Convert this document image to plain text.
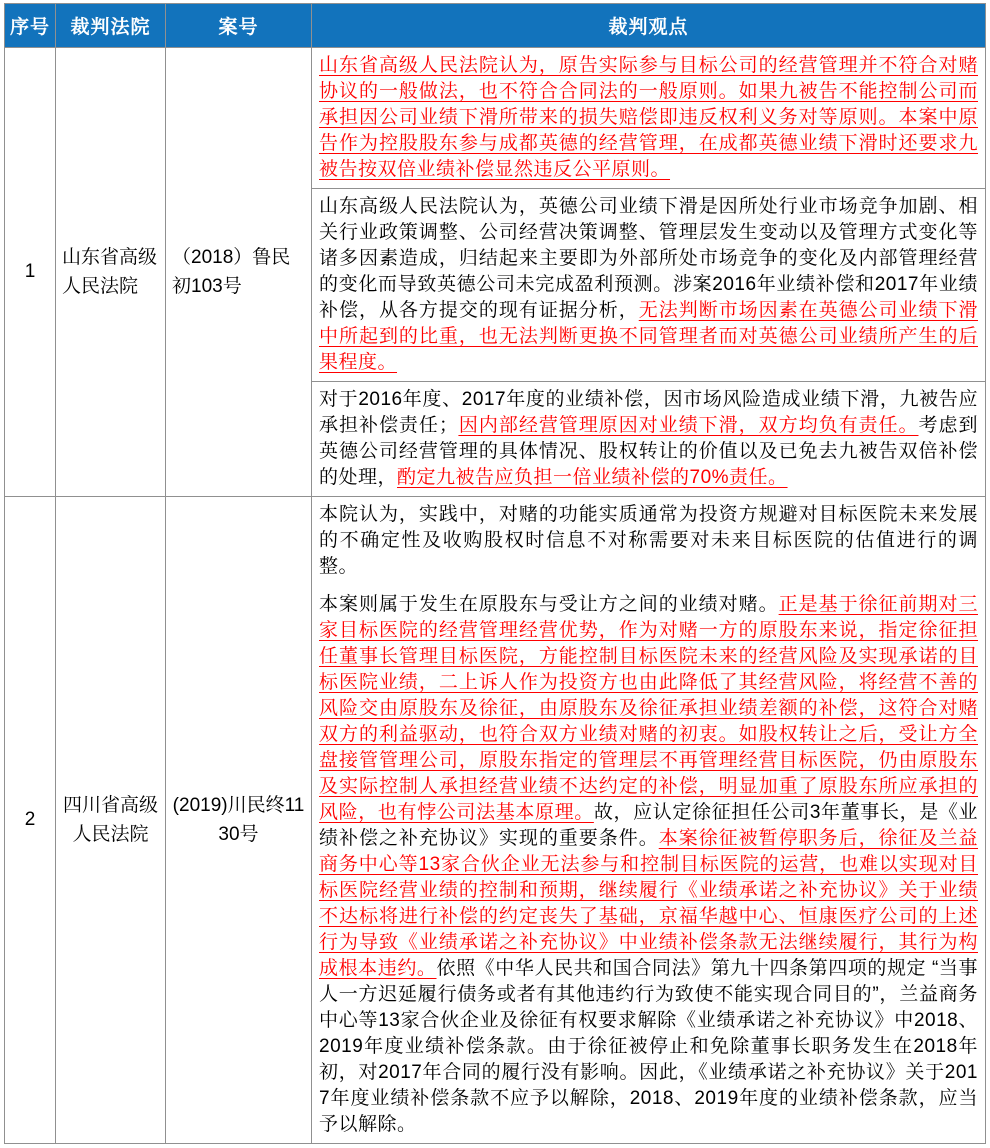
序号	裁判法院	案号	裁判观点
1	山东省高级人民法院	（2018）鲁民初103号	山东省高级人民法院认为，原告实际参与目标公司的经营管理并不符合对赌协议的一般做法，也不符合合同法的一般原则。如果九被告不能控制公司而承担因公司业绩下滑所带来的损失赔偿即违反权利义务对等原则。本案中原告作为控股股东参与成都英德的经营管理，在成都英德业绩下滑时还要求九被告按双倍业绩补偿显然违反公平原则。

			山东高级人民法院认为，英德公司业绩下滑是因所处行业市场竞争加剧、相关行业政策调整、公司经营决策调整、管理层发生变动以及管理方式变化等诸多因素造成，归结起来主要即为外部所处市场竞争的变化及内部管理经营的变化而导致英德公司未完成盈利预测。涉案2016年业绩补偿和2017年业绩补偿，从各方提交的现有证据分析，无法判断市场因素在英德公司业绩下滑中所起到的比重，也无法判断更换不同管理者而对英德公司业绩所产生的后果程度。

			对于2016年度、2017年度的业绩补偿，因市场风险造成业绩下滑，九被告应承担补偿责任；因内部经营管理原因对业绩下滑，双方均负有责任。考虑到英德公司经营管理的具体情况、股权转让的价值以及已免去九被告双倍补偿的处理，酌定九被告应负担一倍业绩补偿的70%责任。

2	四川省高级人民法院	(2019)川民终1130号	本院认为，实践中，对赌的功能实质通常为投资方规避对目标医院未来发展的不确定性及收购股权时信息不对称需要对未来目标医院的估值进行的调整。

本案则属于发生在原股东与受让方之间的业绩对赌。正是基于徐征前期对三家目标医院的经营管理经营优势，作为对赌一方的原股东来说，指定徐征担任董事长管理目标医院，方能控制目标医院未来的经营风险及实现承诺的目标医院业绩，二上诉人作为投资方也由此降低了其经营风险，将经营不善的风险交由原股东及徐征，由原股东及徐征承担业绩差额的补偿，这符合对赌双方的利益驱动，也符合双方业绩对赌的初衷。如股权转让之后，受让方全盘接管管理公司，原股东指定的管理层不再管理经营目标医院，仍由原股东及实际控制人承担经营业绩不达约定的补偿，明显加重了原股东所应承担的风险，也有悖公司法基本原理。故，应认定徐征担任公司3年董事长，是《业绩补偿之补充协议》实现的重要条件。本案徐征被暂停职务后，徐征及兰益商务中心等13家合伙企业无法参与和控制目标医院的运营，也难以实现对目标医院经营业绩的控制和预期，继续履行《业绩承诺之补充协议》关于业绩不达标将进行补偿的约定丧失了基础，京福华越中心、恒康医疗公司的上述行为导致《业绩承诺之补充协议》中业绩补偿条款无法继续履行，其行为构成根本违约。依照《中华人民共和国合同法》第九十四条第四项的规定 “当事人一方迟延履行债务或者有其他违约行为致使不能实现合同目的”，兰益商务中心等13家合伙企业及徐征有权要求解除《业绩承诺之补充协议》中2018、2019年度业绩补偿条款。由于徐征被停止和免除董事长职务发生在2018年初，对2017年合同的履行没有影响。因此，《业绩承诺之补充协议》关于2017年度业绩补偿条款不应予以解除，2018、2019年度的业绩补偿条款，应当予以解除。
